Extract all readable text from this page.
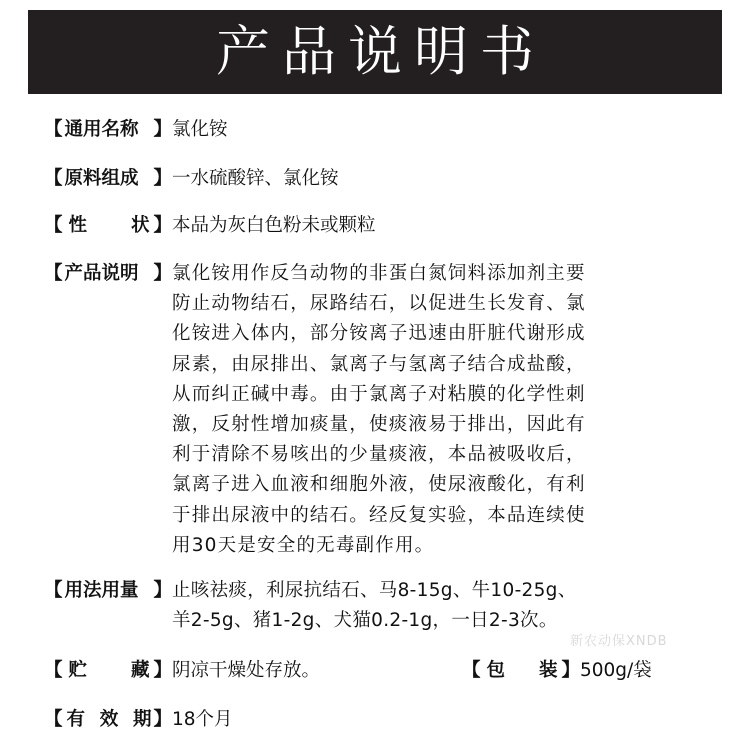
产品说明书
【 通用名称 】 氯化铵
【 原料组成 】 一水硫酸锌、氯化铵
【 性 状 】 本品为灰白色粉未或颗粒
【 产品说明 】 氯化铵用作反刍动物的非蛋白氮饲料添加剂主要
防止动物结石，尿路结石，以促进生长发育、氯
化铵进入体内，部分铵离子迅速由肝脏代谢形成
尿素，由尿排出、氯离子与氢离子结合成盐酸，
从而纠正碱中毒。由于氯离子对粘膜的化学性刺
激，反射性增加痰量，使痰液易于排出，因此有
利于清除不易咳出的少量痰液，本品被吸收后，
氯离子进入血液和细胞外液，使尿液酸化，有利
于排出尿液中的结石。经反复实验，本品连续使
用30天是安全的无毒副作用。
【 用法用量 】 止咳祛痰，利尿抗结石、马8-15g、牛10-25g、
羊2-5g、猪1-2g、犬猫0.2-1g，一日2-3次。
新农动保XNDB
【 贮 藏 】 阴凉干燥处存放。	【 包 装 】 500g/袋
【 有 效 期 】 18个月
